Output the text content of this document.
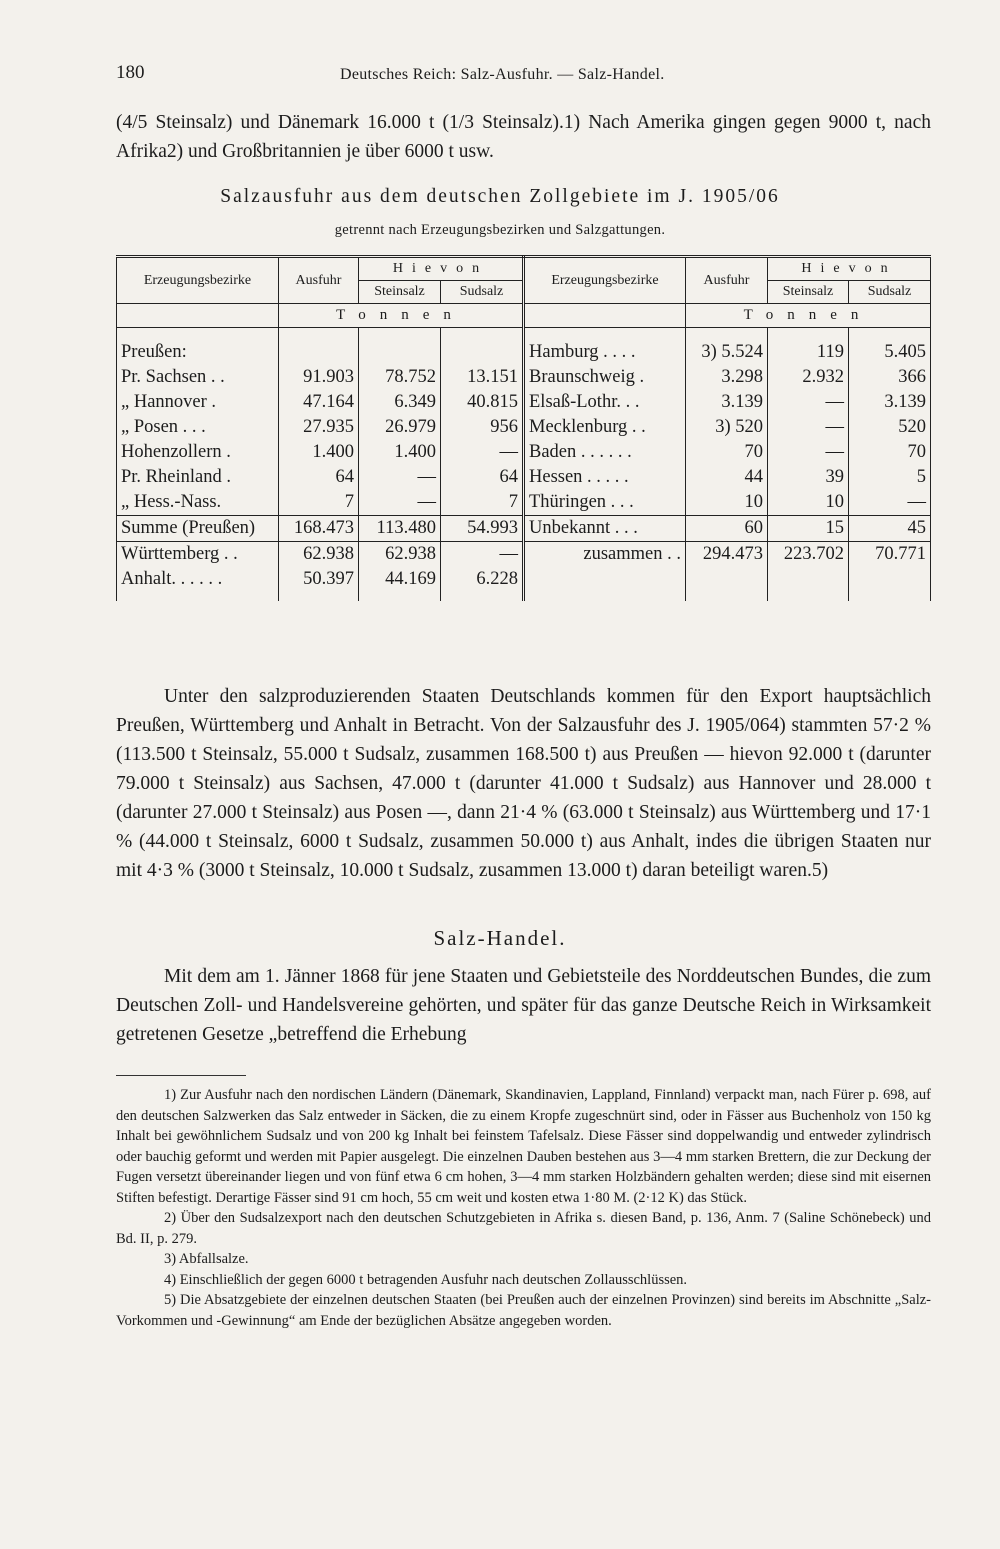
180	Deutsches Reich: Salz-Ausfuhr. — Salz-Handel.

(4/5 Steinsalz) und Dänemark 16.000 t (1/3 Steinsalz).1) Nach Amerika gingen gegen 9000 t, nach Afrika2) und Großbritannien je über 6000 t usw.

Salzausfuhr aus dem deutschen Zollgebiete im J. 1905/06
getrennt nach Erzeugungsbezirken und Salzgattungen.
Erzeugungsbezirke	Ausfuhr	Hievon		Erzeugungsbezirke	Ausfuhr	Hievon	
		Steinsalz	Sudsalz			Steinsalz	Sudsalz
	Tonnen				Tonnen		

Preußen:				Hamburg . . . .	3) 5.524	119	5.405
Pr. Sachsen . .	91.903	78.752	13.151	Braunschweig .	3.298	2.932	366
„ Hannover .	47.164	6.349	40.815	Elsaß-Lothr. . .	3.139	—	3.139
„ Posen . . .	27.935	26.979	956	Mecklenburg . .	3) 520	—	520
Hohenzollern .	1.400	1.400	—	Baden . . . . . .	70	—	70
Pr. Rheinland .	64	—	64	Hessen . . . . .	44	39	5
„ Hess.-Nass.	7	—	7	Thüringen . . .	10	10	—
Summe (Preußen)	168.473	113.480	54.993	Unbekannt . . .	60	15	45
Württemberg . .	62.938	62.938	—	zusammen . .	294.473	223.702	70.771
Anhalt. . . . . .	50.397	44.169	6.228				

Unter den salzproduzierenden Staaten Deutschlands kommen für den Export hauptsächlich Preußen, Württemberg und Anhalt in Betracht. Von der Salzausfuhr des J. 1905/064) stammten 57·2 % (113.500 t Steinsalz, 55.000 t Sudsalz, zusammen 168.500 t) aus Preußen — hievon 92.000 t (darunter 79.000 t Steinsalz) aus Sachsen, 47.000 t (darunter 41.000 t Sudsalz) aus Hannover und 28.000 t (darunter 27.000 t Steinsalz) aus Posen —, dann 21·4 % (63.000 t Steinsalz) aus Württemberg und 17·1 % (44.000 t Steinsalz, 6000 t Sudsalz, zusammen 50.000 t) aus Anhalt, indes die übrigen Staaten nur mit 4·3 % (3000 t Steinsalz, 10.000 t Sudsalz, zusammen 13.000 t) daran beteiligt waren.5)

Salz-Handel.

Mit dem am 1. Jänner 1868 für jene Staaten und Gebietsteile des Norddeutschen Bundes, die zum Deutschen Zoll- und Handelsvereine gehörten, und später für das ganze Deutsche Reich in Wirksamkeit getretenen Gesetze „betreffend die Erhebung

1) Zur Ausfuhr nach den nordischen Ländern (Dänemark, Skandinavien, Lappland, Finnland) verpackt man, nach Fürer p. 698, auf den deutschen Salzwerken das Salz entweder in Säcken, die zu einem Kropfe zugeschnürt sind, oder in Fässer aus Buchenholz von 150 kg Inhalt bei gewöhnlichem Sudsalz und von 200 kg Inhalt bei feinstem Tafelsalz. Diese Fässer sind doppelwandig und entweder zylindrisch oder bauchig geformt und werden mit Papier ausgelegt. Die einzelnen Dauben bestehen aus 3—4 mm starken Brettern, die zur Deckung der Fugen versetzt übereinander liegen und von fünf etwa 6 cm hohen, 3—4 mm starken Holzbändern gehalten werden; diese sind mit eisernen Stiften befestigt. Derartige Fässer sind 91 cm hoch, 55 cm weit und kosten etwa 1·80 M. (2·12 K) das Stück.

2) Über den Sudsalzexport nach den deutschen Schutzgebieten in Afrika s. diesen Band, p. 136, Anm. 7 (Saline Schönebeck) und Bd. II, p. 279.

3) Abfallsalze.

4) Einschließlich der gegen 6000 t betragenden Ausfuhr nach deutschen Zollausschlüssen.

5) Die Absatzgebiete der einzelnen deutschen Staaten (bei Preußen auch der einzelnen Provinzen) sind bereits im Abschnitte „Salz-Vorkommen und -Gewinnung“ am Ende der bezüglichen Absätze angegeben worden.
